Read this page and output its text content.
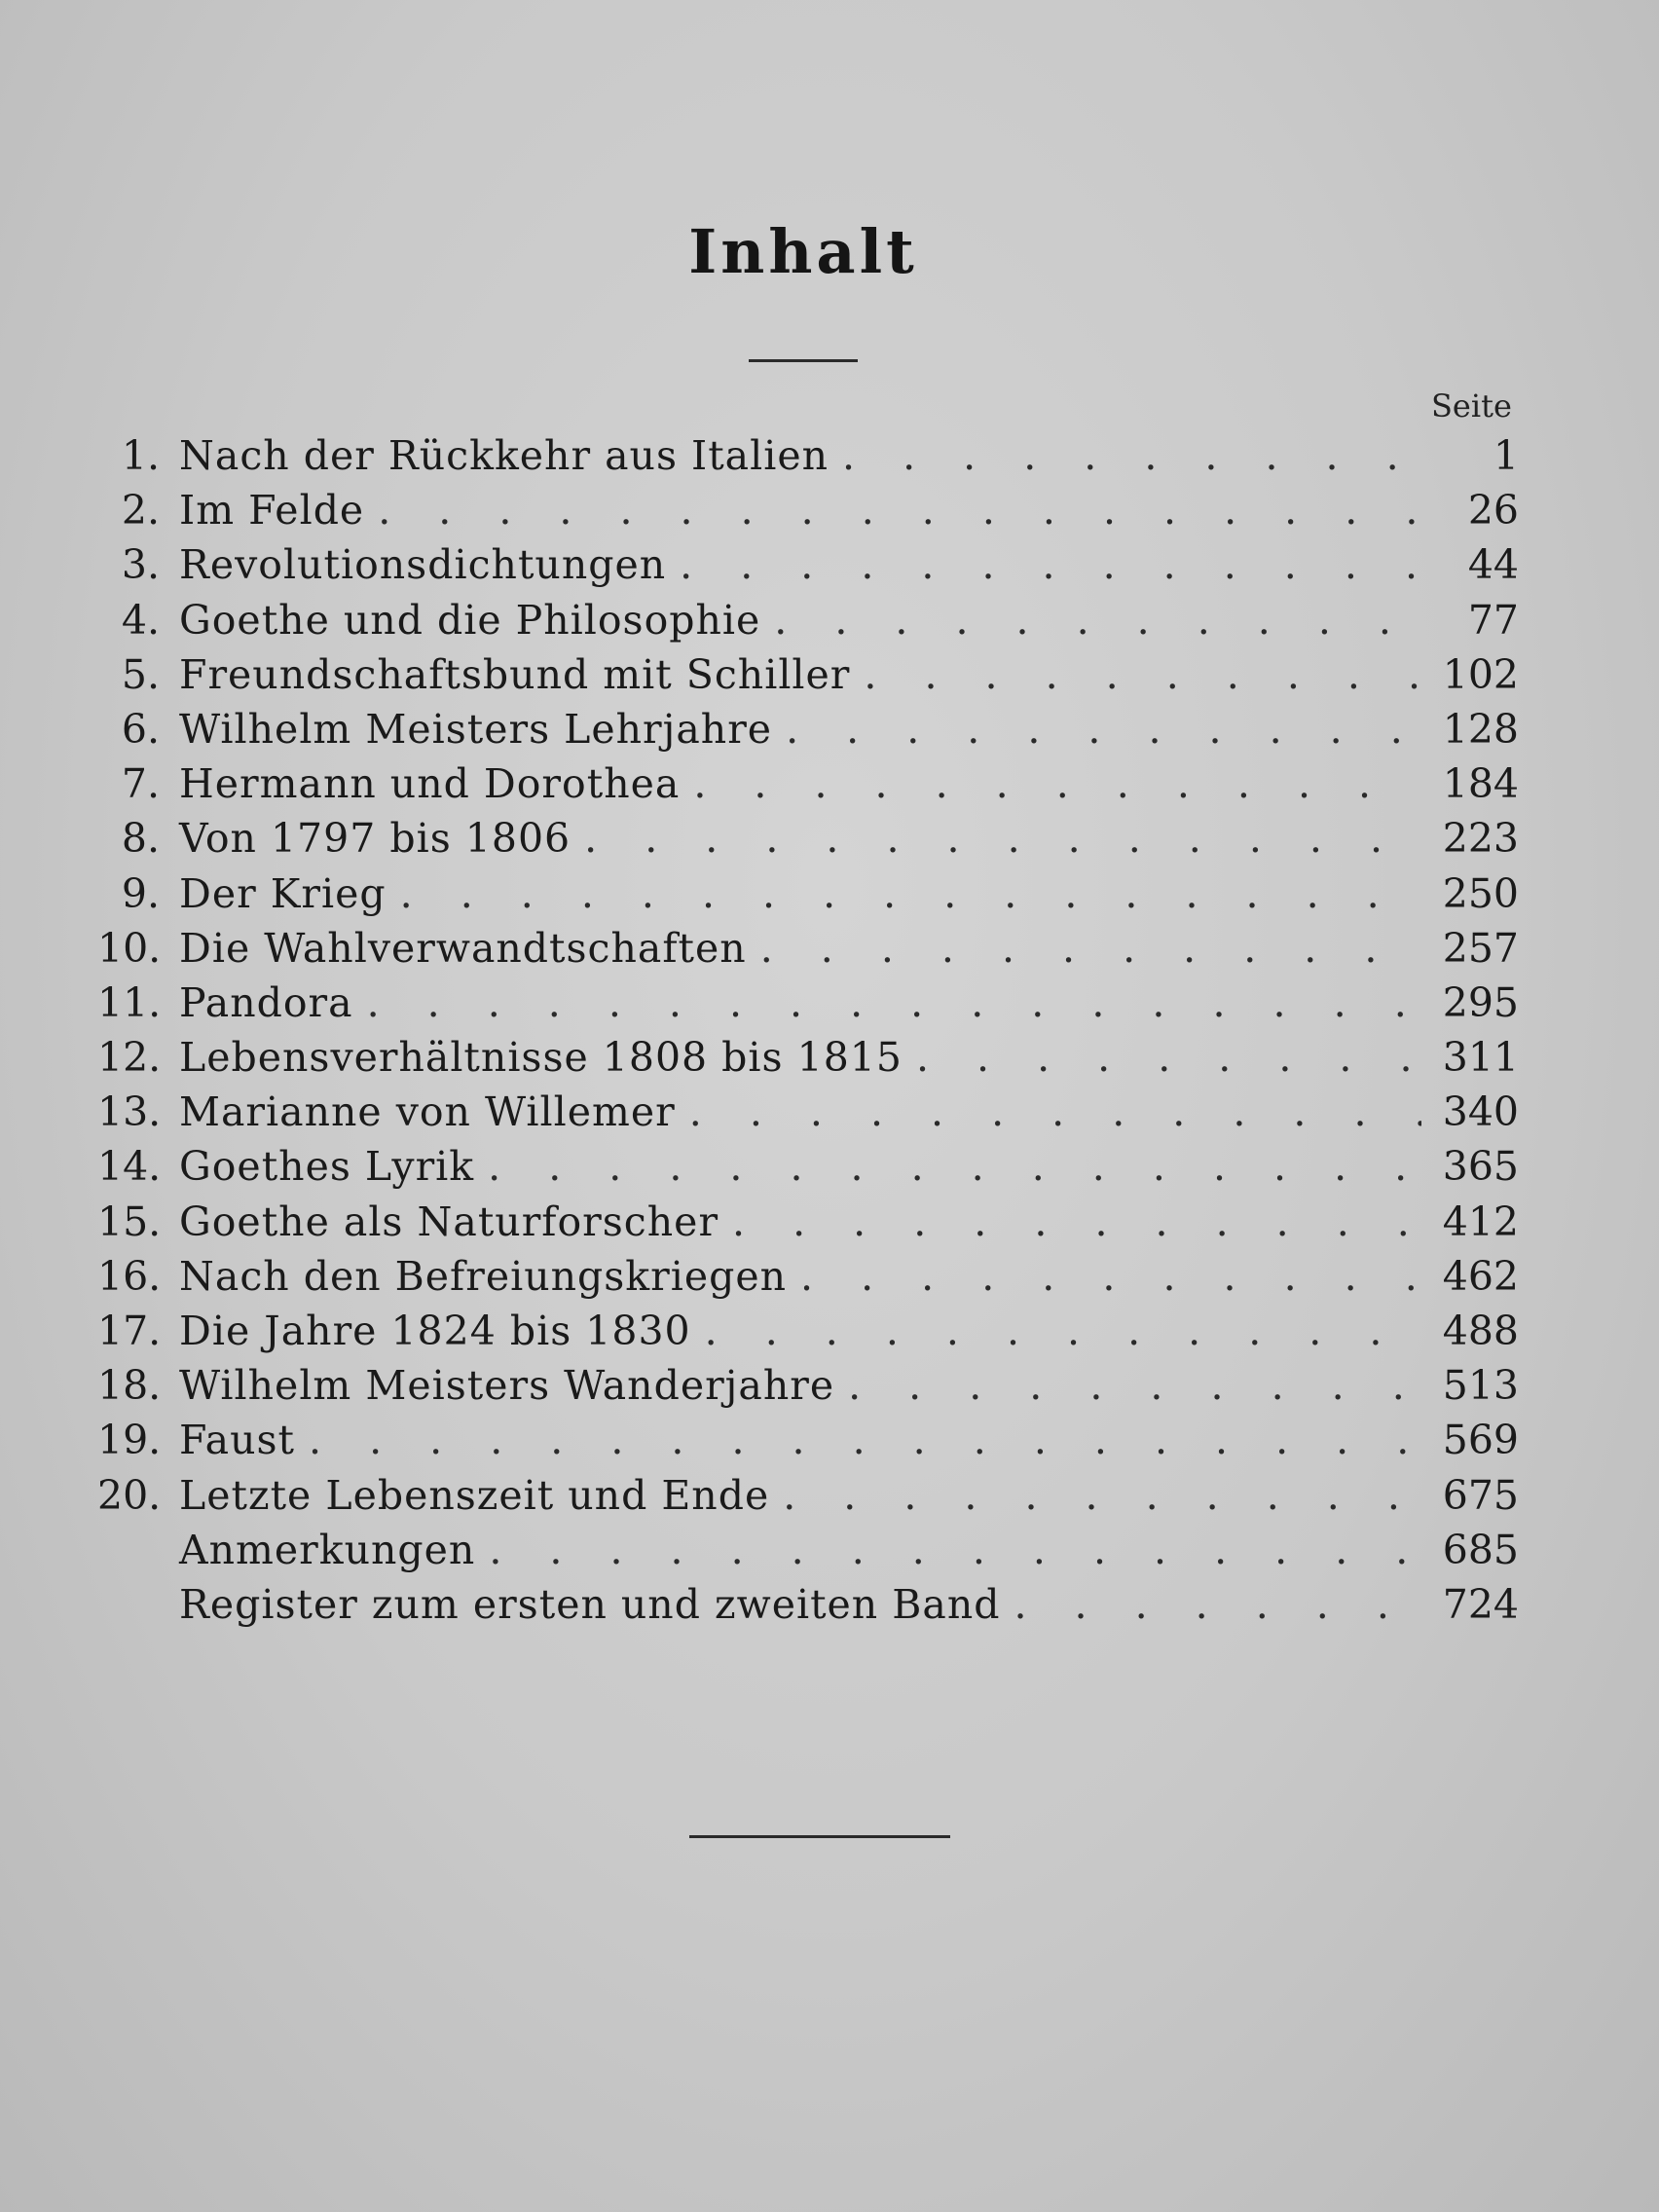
Inhalt
Seite
1. Nach der Rückkehr aus Italien . . .	1
2. Im Felde . . .	26
3. Revolutionsdichtungen . . .	44
4. Goethe und die Philosophie . . .	77
5. Freundschaftsbund mit Schiller . . .	102
6. Wilhelm Meisters Lehrjahre . . .	128
7. Hermann und Dorothea . . .	184
8. Von 1797 bis 1806 . . .	223
9. Der Krieg . . .	250
10. Die Wahlverwandtschaften . . .	257
11. Pandora . . .	295
12. Lebensverhältnisse 1808 bis 1815 . . .	311
13. Marianne von Willemer . . .	340
14. Goethes Lyrik . . .	365
15. Goethe als Naturforscher . . .	412
16. Nach den Befreiungskriegen . . .	462
17. Die Jahre 1824 bis 1830 . . .	488
18. Wilhelm Meisters Wanderjahre . . .	513
19. Faust . . .	569
20. Letzte Lebenszeit und Ende . . .	675
Anmerkungen . . .	685
Register zum ersten und zweiten Band . . .	724
